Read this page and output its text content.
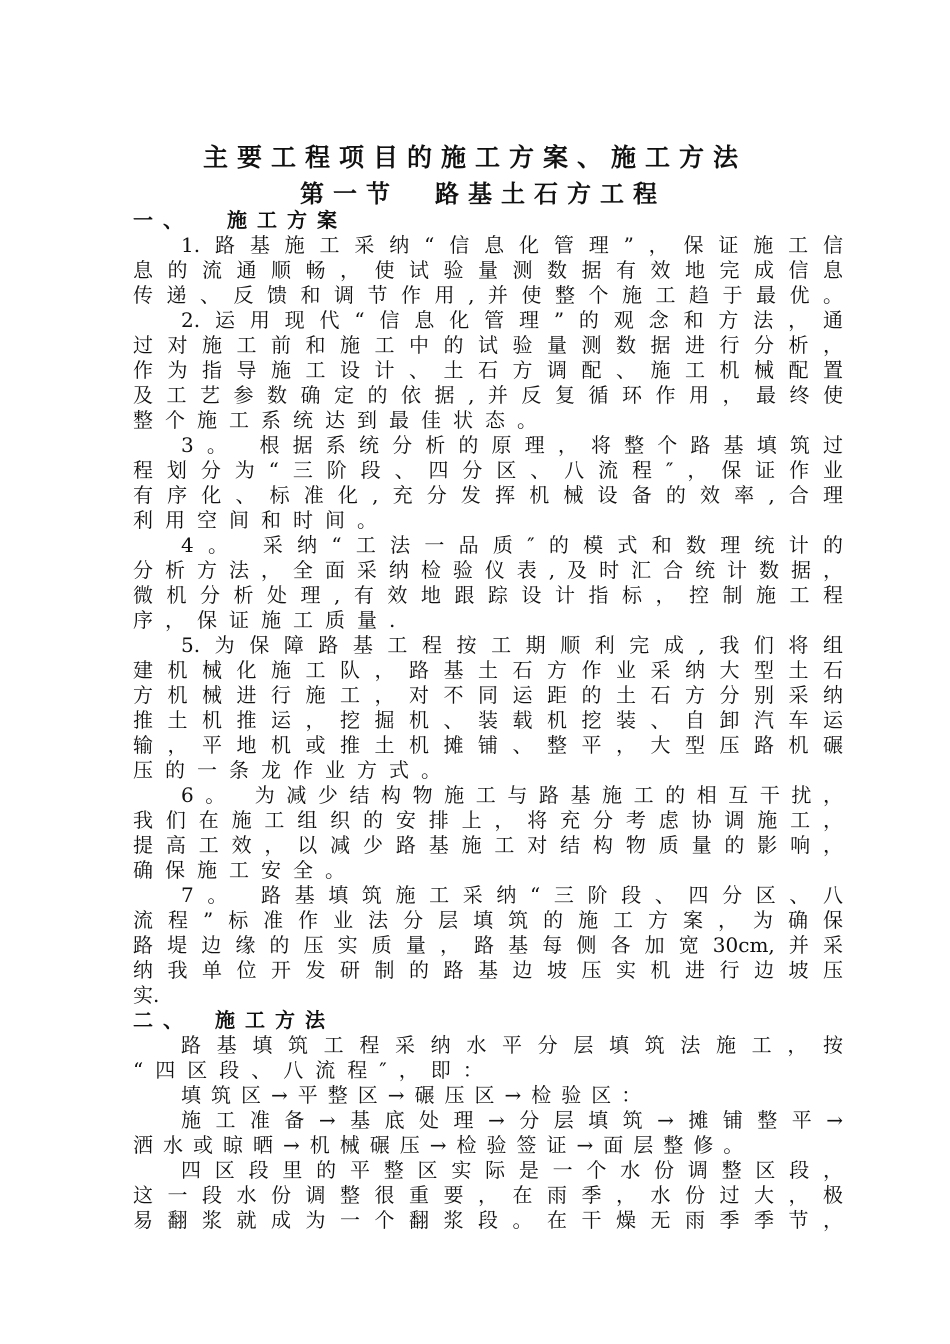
主要工程项目的施工方案、施工方法
第一节 路基土石方工程
一、 施工方案
1.路基施工采纳“信息化管理”，保证施工信
息的流通顺畅，使试验量测数据有效地完成信息
传递、反馈和调节作用,并使整个施工趋于最优。
2.运用现代“信息化管理”的观念和方法，通
过对施工前和施工中的试验量测数据进行分析，
作为指导施工设计、土石方调配、施工机械配置
及工艺参数确定的依据,并反复循环作用，最终使
整个施工系统达到最佳状态。
3。 根据系统分析的原理，将整个路基填筑过
程划分为“三阶段、四分区、八流程″，保证作业
有序化、标准化,充分发挥机械设备的效率,合理
利用空间和时间。
4。 采纳“工法一品质″的模式和数理统计的
分析方法，全面采纳检验仪表,及时汇合统计数据，
微机分析处理,有效地跟踪设计指标，控制施工程
序，保证施工质量.
5.为保障路基工程按工期顺利完成,我们将组
建机械化施工队，路基土石方作业采纳大型土石
方机械进行施工，对不同运距的土石方分别采纳
推土机推运，挖掘机、装载机挖装、自卸汽车运
输，平地机或推土机摊铺、整平，大型压路机碾
压的一条龙作业方式。
6。 为减少结构物施工与路基施工的相互干扰，
我们在施工组织的安排上，将充分考虑协调施工，
提高工效，以减少路基施工对结构物质量的影响，
确保施工安全。
7。 路基填筑施工采纳“三阶段、四分区、八
流程”标准作业法分层填筑的施工方案，为确保
路堤边缘的压实质量，路基每侧各加宽30cm,并采
纳我单位开发研制的路基边坡压实机进行边坡压
实.
二、 施工方法
路基填筑工程采纳水平分层填筑法施工，按
“四区段、八流程″，即：
填筑区→平整区→碾压区→检验区：
施工准备→基底处理→分层填筑→摊铺整平→
洒水或晾晒→机械碾压→检验签证→面层整修。
四区段里的平整区实际是一个水份调整区段，
这一段水份调整很重要，在雨季，水份过大，极
易翻浆就成为一个翻浆段。在干燥无雨季季节，
